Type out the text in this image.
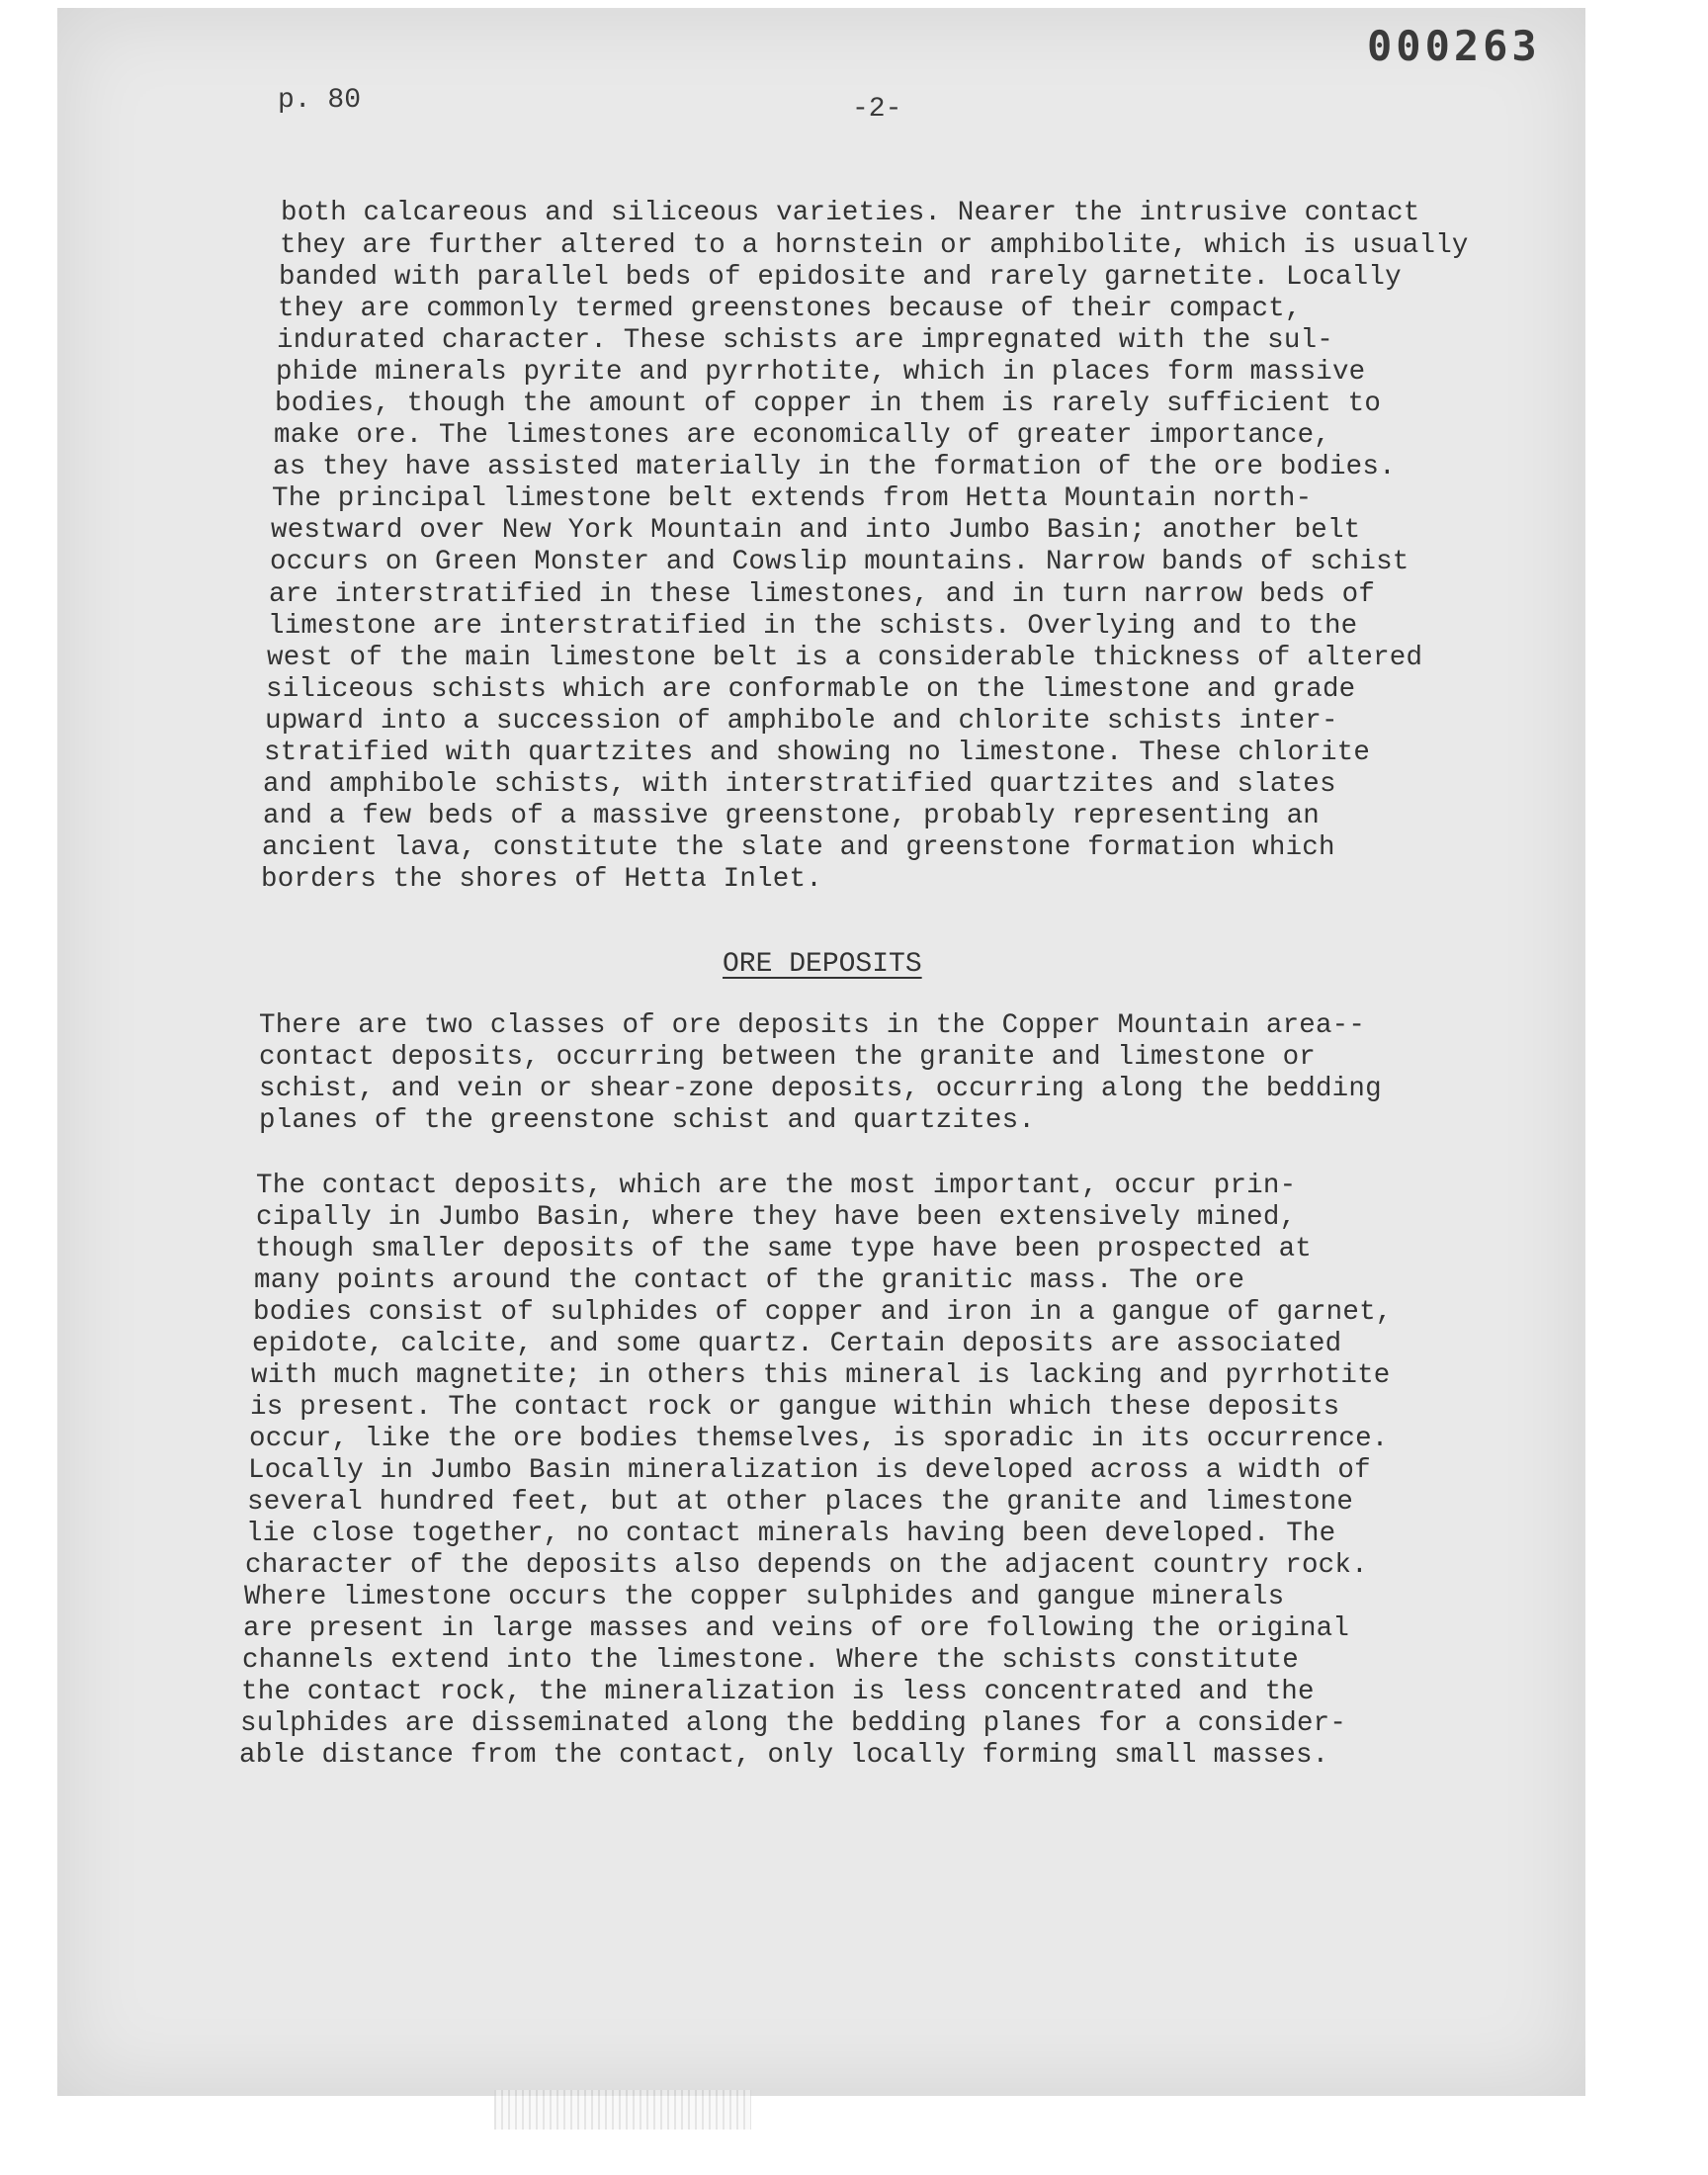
000263
p. 80	-2-
both calcareous and siliceous varieties. Nearer the intrusive contact
they are further altered to a hornstein or amphibolite, which is usually
banded with parallel beds of epidosite and rarely garnetite. Locally
they are commonly termed greenstones because of their compact,
indurated character. These schists are impregnated with the sul-
phide minerals pyrite and pyrrhotite, which in places form massive
bodies, though the amount of copper in them is rarely sufficient to
make ore. The limestones are economically of greater importance,
as they have assisted materially in the formation of the ore bodies.
The principal limestone belt extends from Hetta Mountain north-
westward over New York Mountain and into Jumbo Basin; another belt
occurs on Green Monster and Cowslip mountains. Narrow bands of schist
are interstratified in these limestones, and in turn narrow beds of
limestone are interstratified in the schists. Overlying and to the
west of the main limestone belt is a considerable thickness of altered
siliceous schists which are conformable on the limestone and grade
upward into a succession of amphibole and chlorite schists inter-
stratified with quartzites and showing no limestone. These chlorite
and amphibole schists, with interstratified quartzites and slates
and a few beds of a massive greenstone, probably representing an
ancient lava, constitute the slate and greenstone formation which
borders the shores of Hetta Inlet.
ORE DEPOSITS
There are two classes of ore deposits in the Copper Mountain area--
contact deposits, occurring between the granite and limestone or
schist, and vein or shear-zone deposits, occurring along the bedding
planes of the greenstone schist and quartzites.
The contact deposits, which are the most important, occur prin-
cipally in Jumbo Basin, where they have been extensively mined,
though smaller deposits of the same type have been prospected at
many points around the contact of the granitic mass. The ore
bodies consist of sulphides of copper and iron in a gangue of garnet,
epidote, calcite, and some quartz. Certain deposits are associated
with much magnetite; in others this mineral is lacking and pyrrhotite
is present. The contact rock or gangue within which these deposits
occur, like the ore bodies themselves, is sporadic in its occurrence.
Locally in Jumbo Basin mineralization is developed across a width of
several hundred feet, but at other places the granite and limestone
lie close together, no contact minerals having been developed. The
character of the deposits also depends on the adjacent country rock.
Where limestone occurs the copper sulphides and gangue minerals
are present in large masses and veins of ore following the original
channels extend into the limestone. Where the schists constitute
the contact rock, the mineralization is less concentrated and the
sulphides are disseminated along the bedding planes for a consider-
able distance from the contact, only locally forming small masses.
